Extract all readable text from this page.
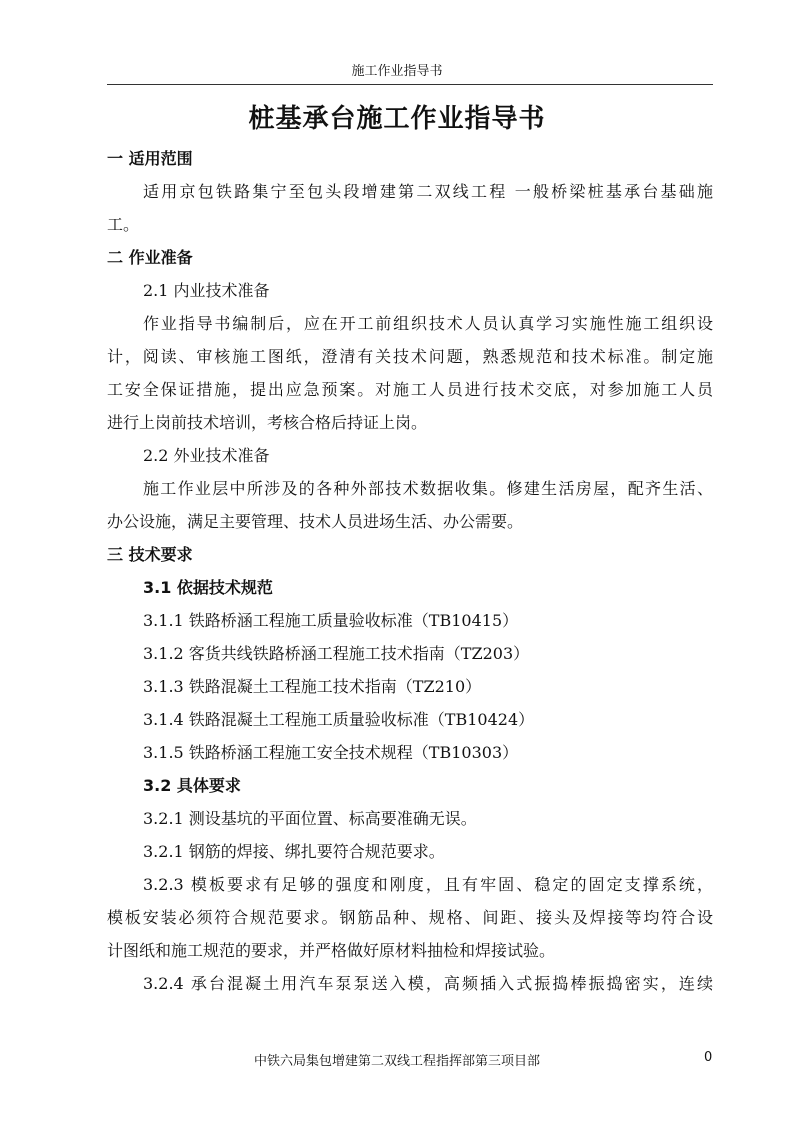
施工作业指导书
桩基承台施工作业指导书
一 适用范围
适用京包铁路集宁至包头段增建第二双线工程 一般桥梁桩基承台基础施
工。
二 作业准备
2.1 内业技术准备
作业指导书编制后，应在开工前组织技术人员认真学习实施性施工组织设
计，阅读、审核施工图纸，澄清有关技术问题，熟悉规范和技术标准。制定施
工安全保证措施，提出应急预案。对施工人员进行技术交底，对参加施工人员
进行上岗前技术培训，考核合格后持证上岗。
2.2 外业技术准备
施工作业层中所涉及的各种外部技术数据收集。修建生活房屋，配齐生活、
办公设施，满足主要管理、技术人员进场生活、办公需要。
三 技术要求
3.1 依据技术规范
3.1.1 铁路桥涵工程施工质量验收标准（TB10415）
3.1.2 客货共线铁路桥涵工程施工技术指南（TZ203）
3.1.3 铁路混凝土工程施工技术指南（TZ210）
3.1.4 铁路混凝土工程施工质量验收标准（TB10424）
3.1.5 铁路桥涵工程施工安全技术规程（TB10303）
3.2 具体要求
3.2.1 测设基坑的平面位置、标高要准确无误。
3.2.1 钢筋的焊接、绑扎要符合规范要求。
3.2.3 模板要求有足够的强度和刚度，且有牢固、稳定的固定支撑系统，
模板安装必须符合规范要求。钢筋品种、规格、间距、接头及焊接等均符合设
计图纸和施工规范的要求，并严格做好原材料抽检和焊接试验。
3.2.4 承台混凝土用汽车泵泵送入模，高频插入式振捣棒振捣密实，连续
中铁六局集包增建第二双线工程指挥部第三项目部	0
